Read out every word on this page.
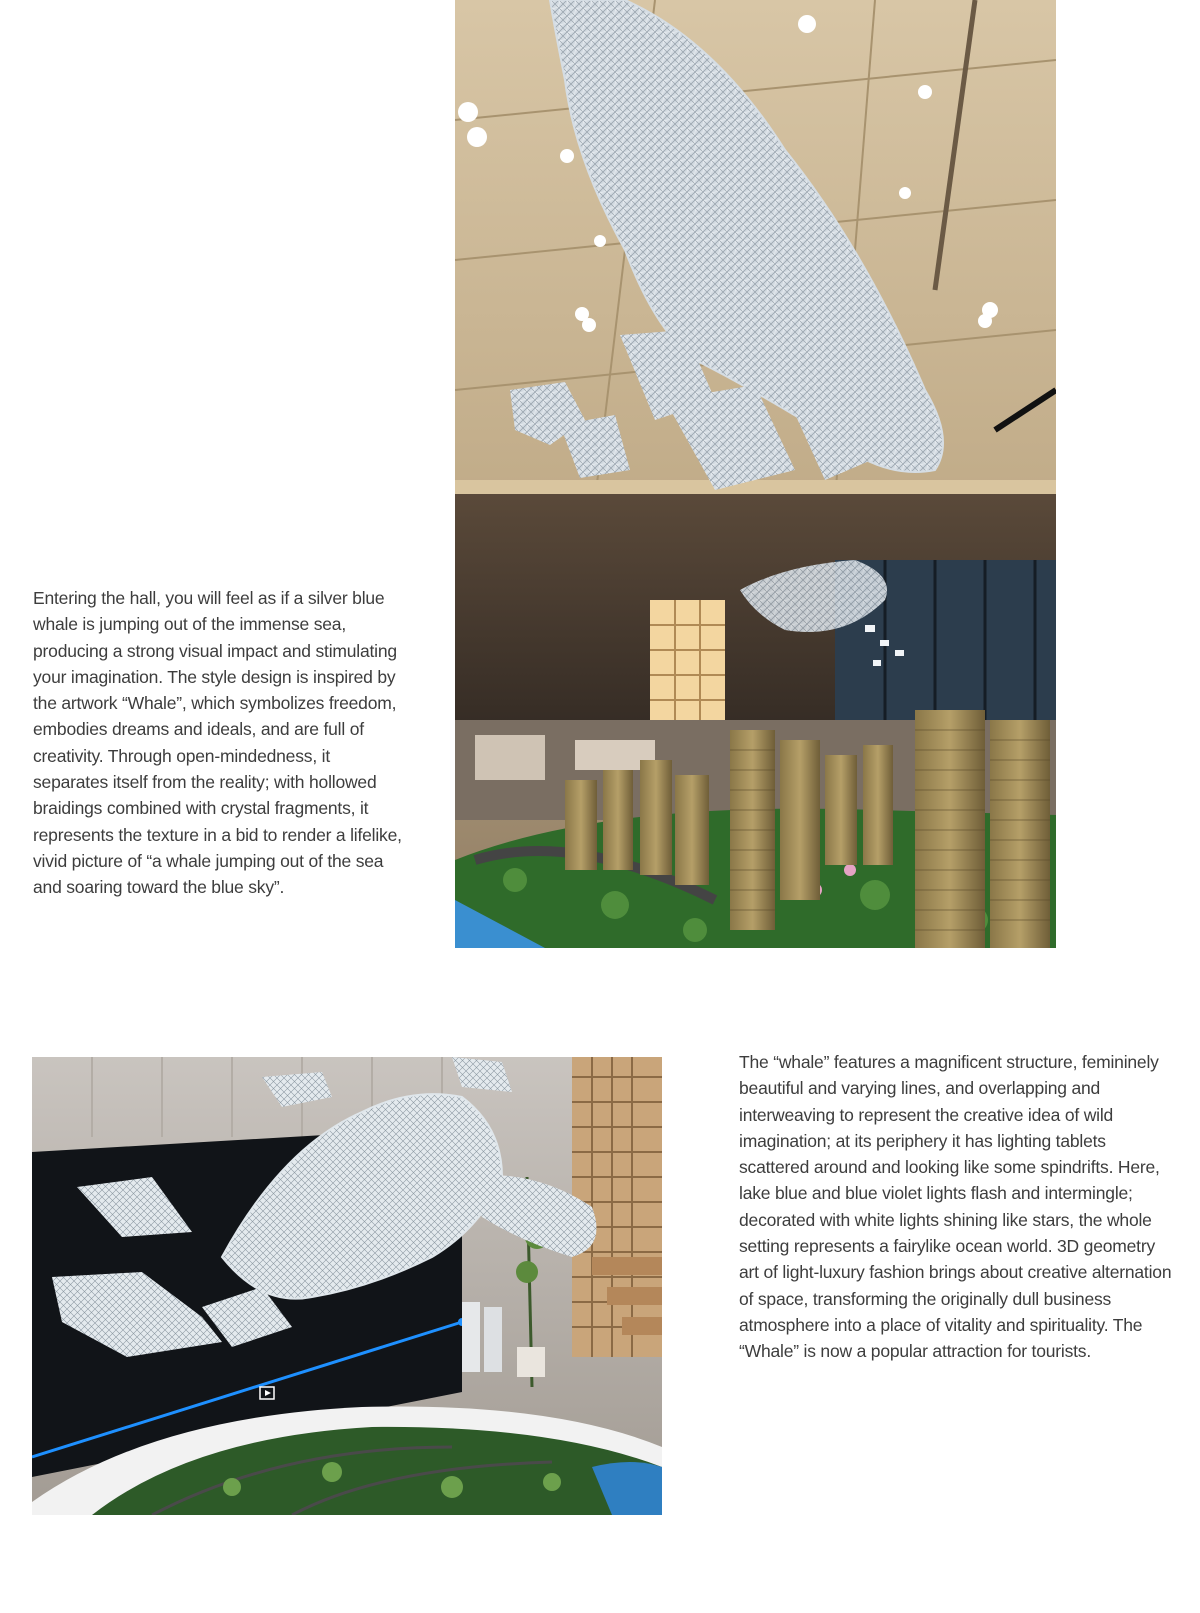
Entering the hall, you will feel as if a silver blue whale is jumping out of the immense sea, producing a strong visual impact and stimulating your imagination. The style design is inspired by the artwork “Whale”, which symbolizes freedom, embodies dreams and ideals, and are full of creativity. Through open-mindedness, it separates itself from the reality; with hollowed braidings combined with crystal fragments, it represents the texture in a bid to render a lifelike, vivid picture of “a whale jumping out of the sea and soaring toward the blue sky”.
The “whale” features a magnificent structure, femininely beautiful and varying lines, and overlapping and interweaving to represent the creative idea of wild imagination; at its periphery it has lighting tablets scattered around and looking like some spindrifts. Here, lake blue and blue violet lights flash and intermingle; decorated with white lights shining like stars, the whole setting represents a fairylike ocean world. 3D geometry art of light-luxury fashion brings about creative alternation of space, transforming the originally dull business atmosphere into a place of vitality and spirituality. The “Whale” is now a popular attraction for tourists.
